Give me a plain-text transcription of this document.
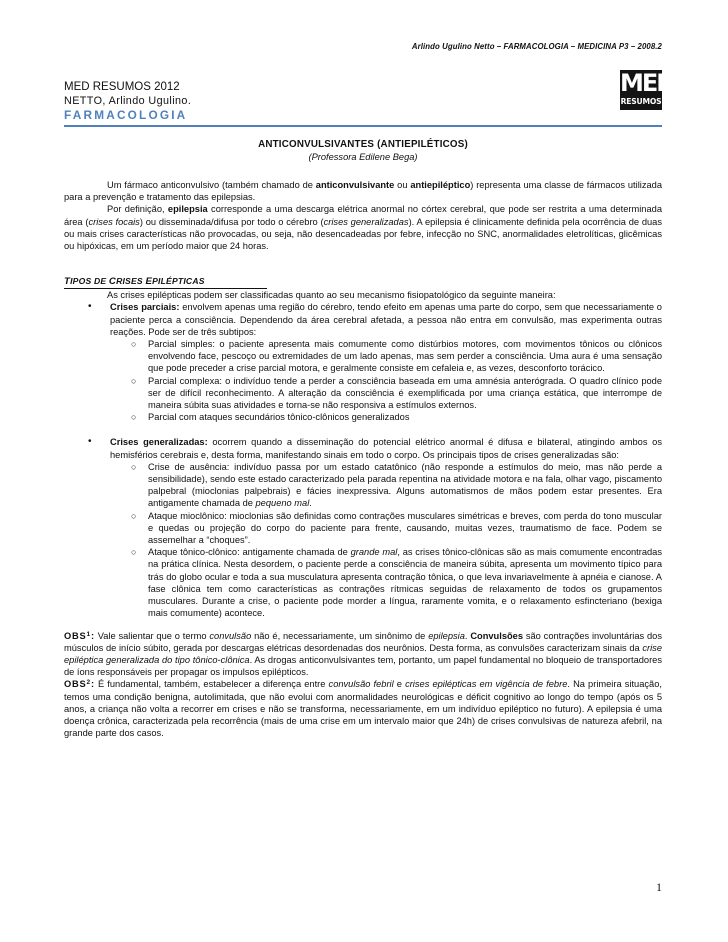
Arlindo Ugulino Netto – FARMACOLOGIA – MEDICINA P3 – 2008.2
MED RESUMOS 2012
NETTO, Arlindo Ugulino.
FARMACOLOGIA
MED
RESUMOS
ANTICONVULSIVANTES (ANTIEPILÉTICOS)
(Professora Edilene Bega)

Um fármaco anticonvulsivo (também chamado de anticonvulsivante ou antiepiléptico) representa uma classe de fármacos utilizada para a prevenção e tratamento das epilepsias.

Por definição, epilepsia corresponde a uma descarga elétrica anormal no córtex cerebral, que pode ser restrita a uma determinada área (crises focais) ou disseminada/difusa por todo o cérebro (crises generalizadas). A epilepsia é clinicamente definida pela ocorrência de duas ou mais crises características não provocadas, ou seja, não desencadeadas por febre, infecção no SNC, anormalidades eletrolíticas, glicêmicas ou hipóxicas, em um período maior que 24 horas.

TIPOS DE CRISES EPILÉPTICAS

As crises epilépticas podem ser classificadas quanto ao seu mecanismo fisiopatológico da seguinte maneira:

• Crises parciais: envolvem apenas uma região do cérebro, tendo efeito em apenas uma parte do corpo, sem que necessariamente o paciente perca a consciência. Dependendo da área cerebral afetada, a pessoa não entra em convulsão, mas experimenta outras reações. Pode ser de três subtipos:
○ Parcial simples: o paciente apresenta mais comumente como distúrbios motores, com movimentos tônicos ou clônicos envolvendo face, pescoço ou extremidades de um lado apenas, mas sem perder a consciência. Uma aura é uma sensação que pode preceder a crise parcial motora, e geralmente consiste em cefaleia e, as vezes, desconforto torácico.
○ Parcial complexa: o indivíduo tende a perder a consciência baseada em uma amnésia anterógrada. O quadro clínico pode ser de difícil reconhecimento. A alteração da consciência é exemplificada por uma criança estática, que interrompe de maneira súbita suas atividades e torna-se não responsiva a estímulos externos.
○ Parcial com ataques secundários tônico-clônicos generalizados
• Crises generalizadas: ocorrem quando a disseminação do potencial elétrico anormal é difusa e bilateral, atingindo ambos os hemisférios cerebrais e, desta forma, manifestando sinais em todo o corpo. Os principais tipos de crises generalizadas são:
○ Crise de ausência: indivíduo passa por um estado catatônico (não responde a estímulos do meio, mas não perde a sensibilidade), sendo este estado caracterizado pela parada repentina na atividade motora e na fala, olhar vago, piscamento palpebral (mioclonias palpebrais) e fácies inexpressiva. Alguns automatismos de mãos podem estar presentes. Era antigamente chamada de pequeno mal.
○ Ataque mioclônico: mioclonias são definidas como contrações musculares simétricas e breves, com perda do tono muscular e quedas ou projeção do corpo do paciente para frente, causando, muitas vezes, traumatismo de face. Podem se assemelhar a “choques”.
○ Ataque tônico-clônico: antigamente chamada de grande mal, as crises tônico-clônicas são as mais comumente encontradas na prática clínica. Nesta desordem, o paciente perde a consciência de maneira súbita, apresenta um movimento típico para trás do globo ocular e toda a sua musculatura apresenta contração tônica, o que leva invariavelmente à apnéia e cianose. A fase clônica tem como características as contrações rítmicas seguidas de relaxamento de todos os grupamentos musculares. Durante a crise, o paciente pode morder a língua, raramente vomita, e o relaxamento esfincteriano (bexiga mais comumente) acontece.

OBS$^1$: Vale salientar que o termo convulsão não é, necessariamente, um sinônimo de epilepsia. Convulsões são contrações involuntárias dos músculos de início súbito, gerada por descargas elétricas desordenadas dos neurônios. Desta forma, as convulsões caracterizam sinais da crise epiléptica generalizada do tipo tônico-clônica. As drogas anticonvulsivantes tem, portanto, um papel fundamental no bloqueio de transportadores de íons responsáveis per propagar os impulsos epilépticos.

OBS$^2$: É fundamental, também, estabelecer a diferença entre convulsão febril e crises epilépticas em vigência de febre. Na primeira situação, temos uma condição benigna, autolimitada, que não evolui com anormalidades neurológicas e déficit cognitivo ao longo do tempo (após os 5 anos, a criança não volta a recorrer em crises e não se transforma, necessariamente, em um indivíduo epiléptico no futuro). A epilepsia é uma doença crônica, caracterizada pela recorrência (mais de uma crise em um intervalo maior que 24h) de crises convulsivas de natureza afebril, na grande parte dos casos.

1
